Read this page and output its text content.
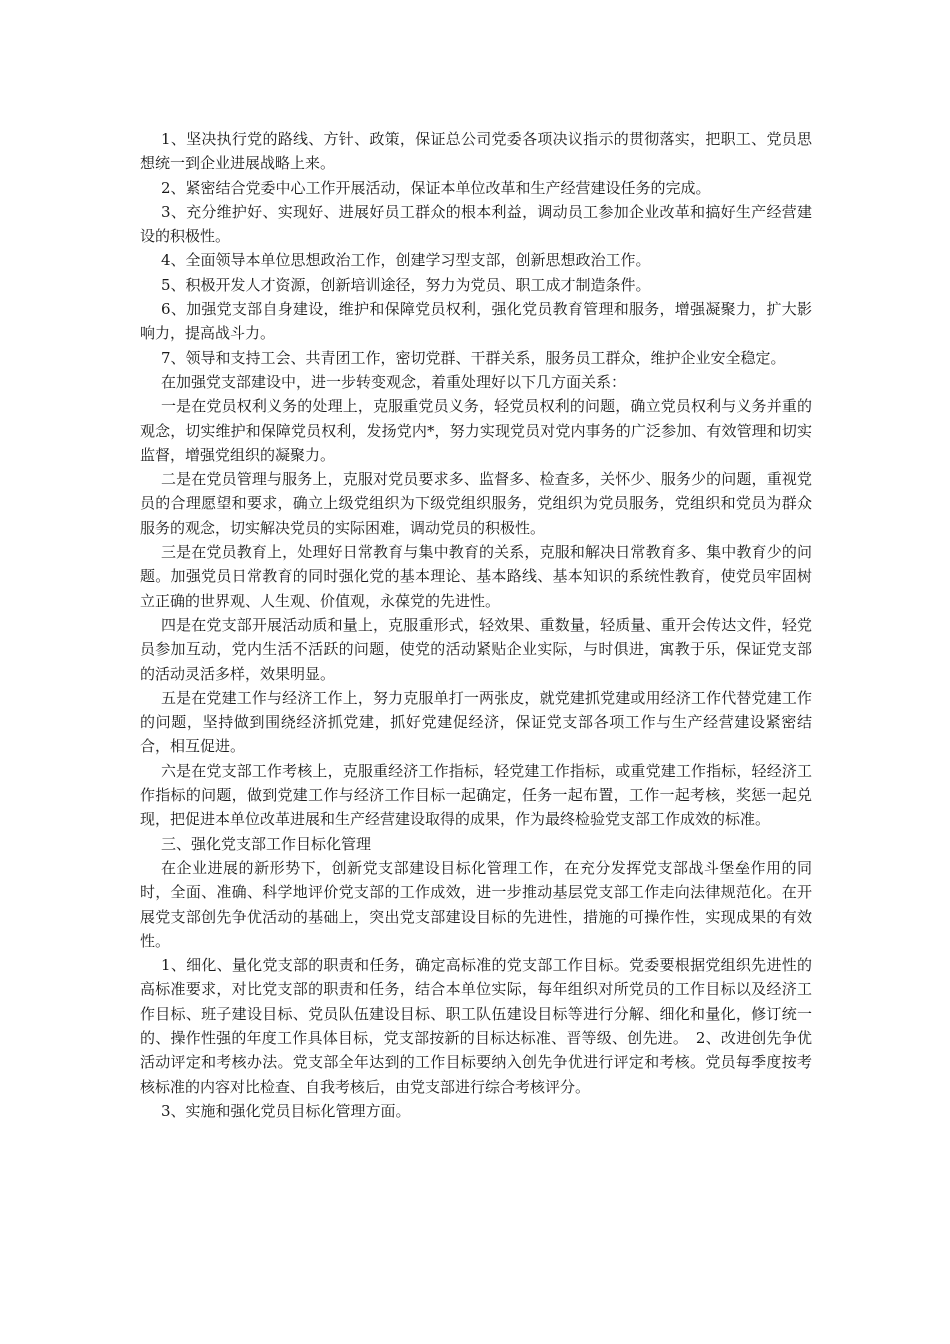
1、坚决执行党的路线、方针、政策，保证总公司党委各项决议指示的贯彻落实，把职工、党员思想统一到企业进展战略上来。

2、紧密结合党委中心工作开展活动，保证本单位改革和生产经营建设任务的完成。

3、充分维护好、实现好、进展好员工群众的根本利益，调动员工参加企业改革和搞好生产经营建设的积极性。

4、全面领导本单位思想政治工作，创建学习型支部，创新思想政治工作。

5、积极开发人才资源，创新培训途径，努力为党员、职工成才制造条件。

6、加强党支部自身建设，维护和保障党员权利，强化党员教育管理和服务，增强凝聚力，扩大影响力，提高战斗力。

7、领导和支持工会、共青团工作，密切党群、干群关系，服务员工群众，维护企业安全稳定。

在加强党支部建设中，进一步转变观念，着重处理好以下几方面关系：

一是在党员权利义务的处理上，克服重党员义务，轻党员权利的问题，确立党员权利与义务并重的观念，切实维护和保障党员权利，发扬党内*，努力实现党员对党内事务的广泛参加、有效管理和切实监督，增强党组织的凝聚力。

二是在党员管理与服务上，克服对党员要求多、监督多、检查多，关怀少、服务少的问题，重视党员的合理愿望和要求，确立上级党组织为下级党组织服务，党组织为党员服务，党组织和党员为群众服务的观念，切实解决党员的实际困难，调动党员的积极性。

三是在党员教育上，处理好日常教育与集中教育的关系，克服和解决日常教育多、集中教育少的问题。加强党员日常教育的同时强化党的基本理论、基本路线、基本知识的系统性教育，使党员牢固树立正确的世界观、人生观、价值观，永葆党的先进性。

四是在党支部开展活动质和量上，克服重形式，轻效果、重数量，轻质量、重开会传达文件，轻党员参加互动，党内生活不活跃的问题，使党的活动紧贴企业实际，与时俱进，寓教于乐，保证党支部的活动灵活多样，效果明显。

五是在党建工作与经济工作上，努力克服单打一两张皮，就党建抓党建或用经济工作代替党建工作的问题，坚持做到围绕经济抓党建，抓好党建促经济，保证党支部各项工作与生产经营建设紧密结合，相互促进。

六是在党支部工作考核上，克服重经济工作指标，轻党建工作指标，或重党建工作指标，轻经济工作指标的问题，做到党建工作与经济工作目标一起确定，任务一起布置，工作一起考核，奖惩一起兑现，把促进本单位改革进展和生产经营建设取得的成果，作为最终检验党支部工作成效的标准。

三、强化党支部工作目标化管理

在企业进展的新形势下，创新党支部建设目标化管理工作，在充分发挥党支部战斗堡垒作用的同时，全面、准确、科学地评价党支部的工作成效，进一步推动基层党支部工作走向法律规范化。在开展党支部创先争优活动的基础上，突出党支部建设目标的先进性，措施的可操作性，实现成果的有效性。

1、细化、量化党支部的职责和任务，确定高标准的党支部工作目标。党委要根据党组织先进性的高标准要求，对比党支部的职责和任务，结合本单位实际，每年组织对所党员的工作目标以及经济工作目标、班子建设目标、党员队伍建设目标、职工队伍建设目标等进行分解、细化和量化，修订统一的、操作性强的年度工作具体目标，党支部按新的目标达标准、晋等级、创先进。　2、改进创先争优活动评定和考核办法。党支部全年达到的工作目标要纳入创先争优进行评定和考核。党员每季度按考核标准的内容对比检查、自我考核后，由党支部进行综合考核评分。

3、实施和强化党员目标化管理方面。
